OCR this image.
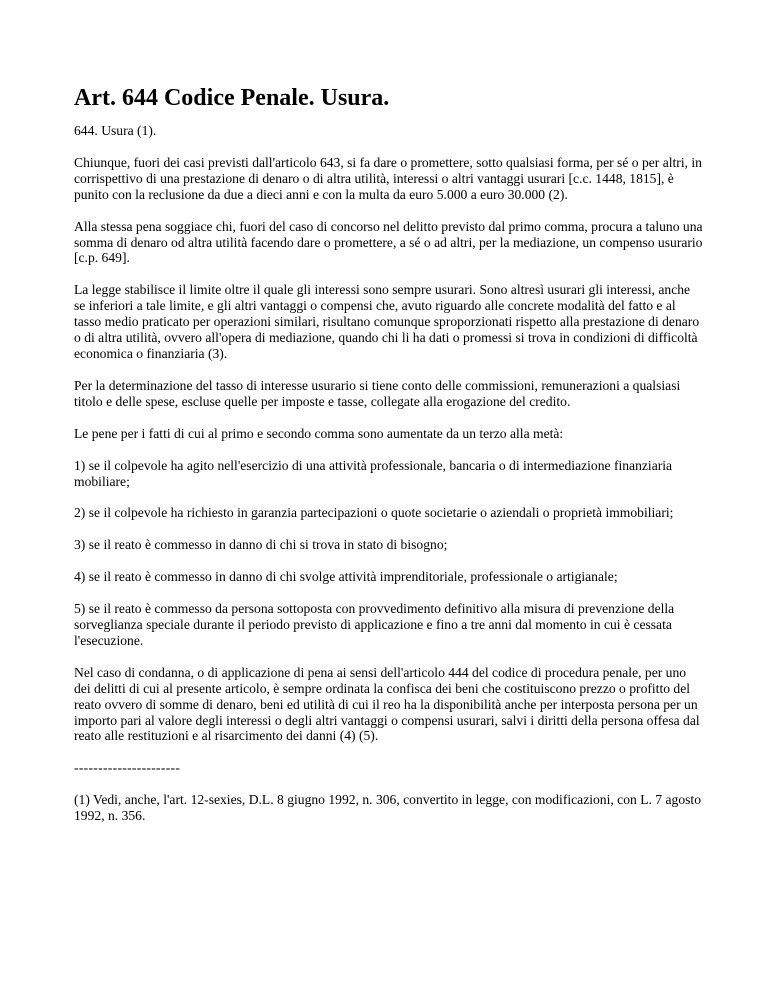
Art. 644 Codice Penale. Usura.

644. Usura (1).

Chiunque, fuori dei casi previsti dall'articolo 643, si fa dare o promettere, sotto qualsiasi forma, per sé o per altri, in corrispettivo di una prestazione di denaro o di altra utilità, interessi o altri vantaggi usurari [c.c. 1448, 1815], è punito con la reclusione da due a dieci anni e con la multa da euro 5.000 a euro 30.000 (2).

Alla stessa pena soggiace chi, fuori del caso di concorso nel delitto previsto dal primo comma, procura a taluno una somma di denaro od altra utilità facendo dare o promettere, a sé o ad altri, per la mediazione, un compenso usurario [c.p. 649].

La legge stabilisce il limite oltre il quale gli interessi sono sempre usurari. Sono altresì usurari gli interessi, anche se inferiori a tale limite, e gli altri vantaggi o compensi che, avuto riguardo alle concrete modalità del fatto e al tasso medio praticato per operazioni similari, risultano comunque sproporzionati rispetto alla prestazione di denaro o di altra utilità, ovvero all'opera di mediazione, quando chi li ha dati o promessi si trova in condizioni di difficoltà economica o finanziaria (3).

Per la determinazione del tasso di interesse usurario si tiene conto delle commissioni, remunerazioni a qualsiasi titolo e delle spese, escluse quelle per imposte e tasse, collegate alla erogazione del credito.

Le pene per i fatti di cui al primo e secondo comma sono aumentate da un terzo alla metà:

1) se il colpevole ha agito nell'esercizio di una attività professionale, bancaria o di intermediazione finanziaria mobiliare;

2) se il colpevole ha richiesto in garanzia partecipazioni o quote societarie o aziendali o proprietà immobiliari;

3) se il reato è commesso in danno di chi si trova in stato di bisogno;

4) se il reato è commesso in danno di chi svolge attività imprenditoriale, professionale o artigianale;

5) se il reato è commesso da persona sottoposta con provvedimento definitivo alla misura di prevenzione della sorveglianza speciale durante il periodo previsto di applicazione e fino a tre anni dal momento in cui è cessata l'esecuzione.

Nel caso di condanna, o di applicazione di pena ai sensi dell'articolo 444 del codice di procedura penale, per uno dei delitti di cui al presente articolo, è sempre ordinata la confisca dei beni che costituiscono prezzo o profitto del reato ovvero di somme di denaro, beni ed utilità di cui il reo ha la disponibilità anche per interposta persona per un importo pari al valore degli interessi o degli altri vantaggi o compensi usurari, salvi i diritti della persona offesa dal reato alle restituzioni e al risarcimento dei danni (4) (5).

----------------------

(1) Vedi, anche, l'art. 12-sexies, D.L. 8 giugno 1992, n. 306, convertito in legge, con modificazioni, con L. 7 agosto 1992, n. 356.
